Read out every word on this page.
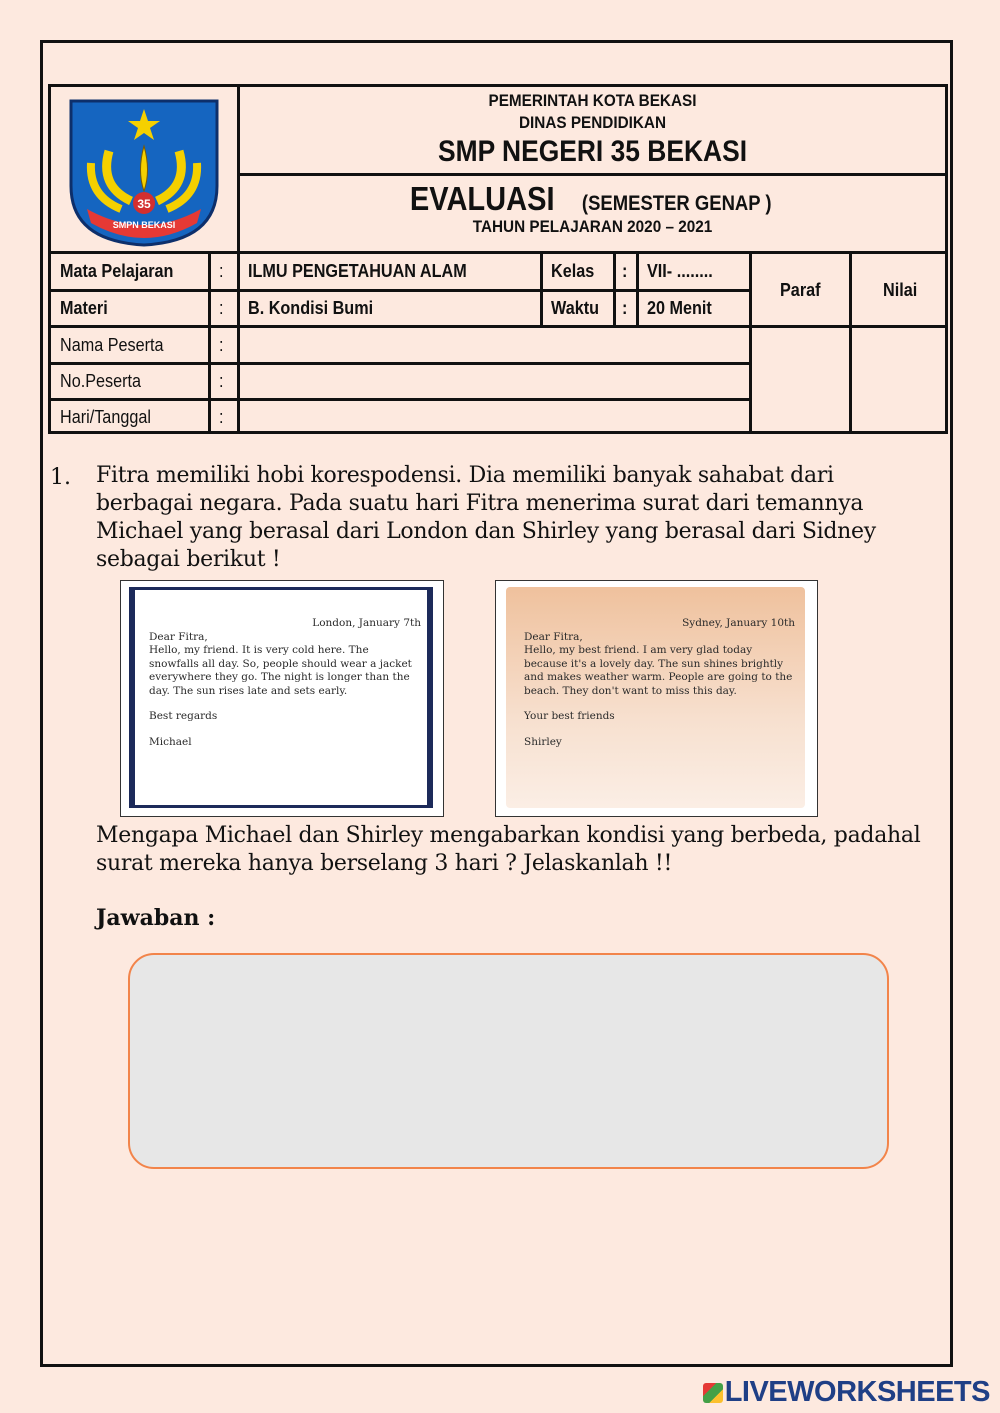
35
SMPN BEKASI
PEMERINTAH KOTA BEKASI
DINAS PENDIDIKAN
SMP NEGERI 35 BEKASI
EVALUASI (SEMESTER GENAP )
TAHUN PELAJARAN 2020 – 2021
Mata Pelajaran	: ILMU PENGETAHUAN ALAM	Kelas : VII- ........
Paraf	Nilai
Materi	: B. Kondisi Bumi	Waktu : 20 Menit
Nama Peserta	:
No.Peserta	:
Hari/Tanggal	:
1. Fitra memiliki hobi korespodensi. Dia memiliki banyak sahabat dari berbagai negara. Pada suatu hari Fitra menerima surat dari temannya Michael yang berasal dari London dan Shirley yang berasal dari Sidney sebagai berikut !
London, January 7th
Dear Fitra,
Hello, my friend. It is very cold here. The snowfalls all day. So, people should wear a jacket everywhere they go. The night is longer than the day. The sun rises late and sets early.
Best regards
Michael
Sydney, January 10th
Dear Fitra,
Hello, my best friend. I am very glad today because it's a lovely day. The sun shines brightly and makes weather warm. People are going to the beach. They don't want to miss this day.
Your best friends
Shirley
Mengapa Michael dan Shirley mengabarkan kondisi yang berbeda, padahal surat mereka hanya berselang 3 hari ? Jelaskanlah !!
Jawaban :
LIVEWORKSHEETS
